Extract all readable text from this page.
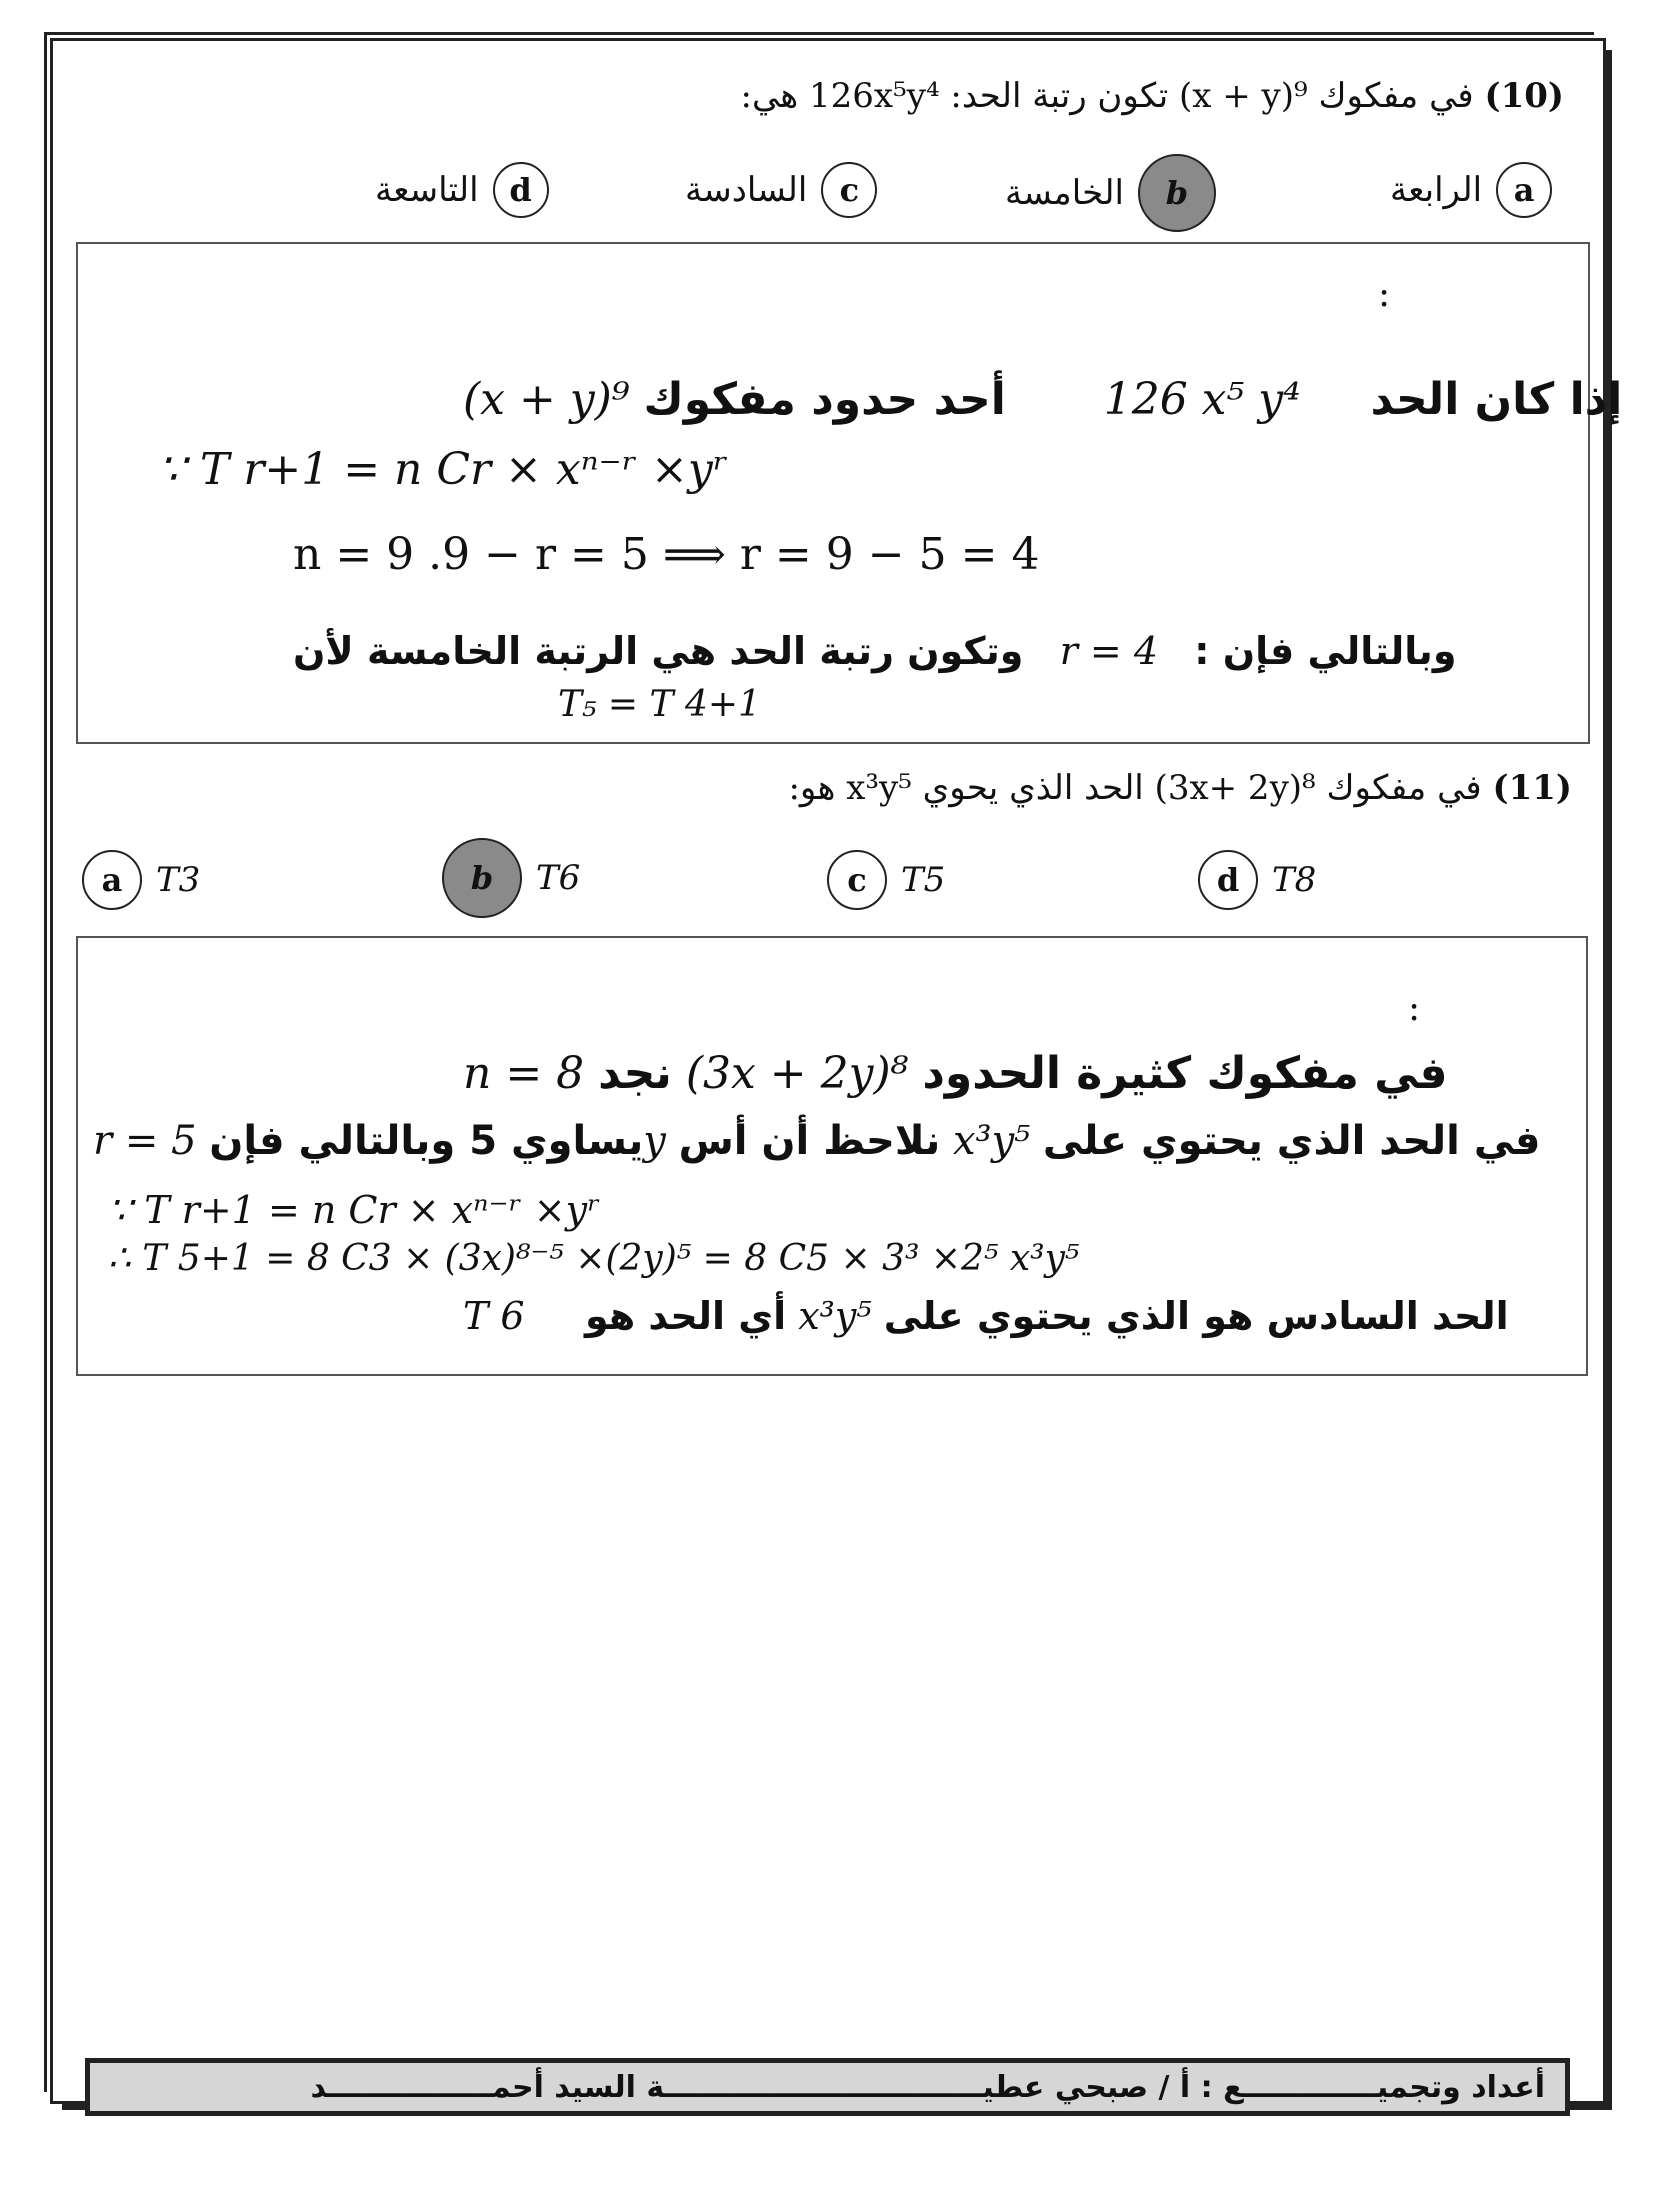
(10) في مفكوك ⁹(x + y) تكون رتبة الحد: 126x⁵y⁴ هي:
a
الرابعة
b
الخامسة
c
السادسة
d
التاسعة
:
إذا كان الحد     126 x⁵ y⁴       أحد حدود مفكوك (x + y)⁹
∵ T r+1 = n Cr × xⁿ⁻ʳ ×yʳ
n = 9 .9 − r = 5 ⟹ r = 9 − 5 = 4
وبالتالي فإن :   r = 4   وتكون رتبة الحد هي الرتبة الخامسة لأن
T₅ = T 4+1
(11) في مفكوك ⁸(3x+ 2y) الحد الذي يحوي x³y⁵ هو:
a T3	b	T6	c	T5	d T8
:
في مفكوك كثيرة الحدود (3x + 2y)⁸ نجد n = 8
في الحد الذي يحتوي على x³y⁵ نلاحظ أن أس yيساوي 5 وبالتالي فإن r = 5
∵ T r+1 = n Cr × xⁿ⁻ʳ ×yʳ
∴ T 5+1 = 8 C3 × (3x)⁸⁻⁵ ×(2y)⁵ = 8 C5 × 3³ ×2⁵ x³y⁵
الحد السادس هو الذي يحتوي على x³y⁵ أي الحد هو     T 6
أعداد وتجميـــــــــــــع : أ / صبحي عطيـــــــــــــــــــــــــــــــة السيد أحمــــــــــــــــد
